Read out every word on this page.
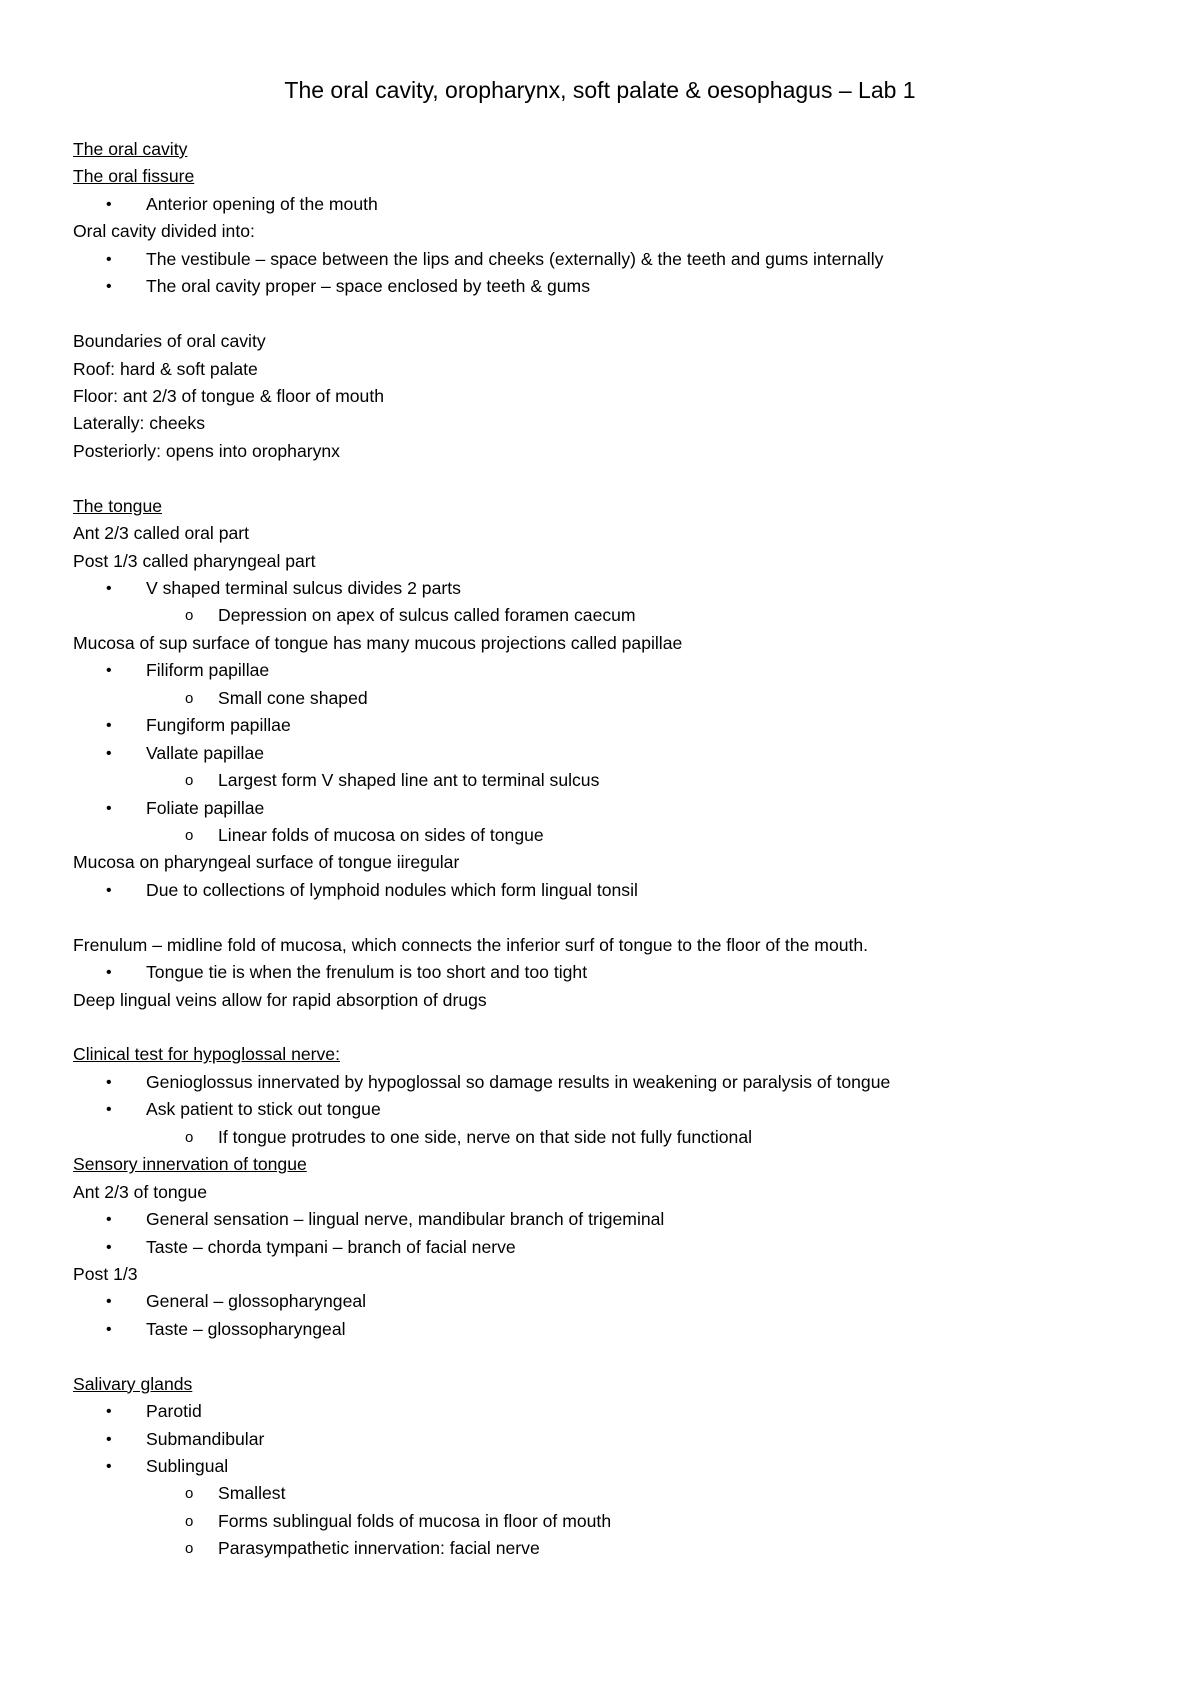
The oral cavity, oropharynx, soft palate & oesophagus – Lab 1
The oral cavity
The oral fissure
• Anterior opening of the mouth
Oral cavity divided into:
• The vestibule – space between the lips and cheeks (externally) & the teeth and gums internally
• The oral cavity proper – space enclosed by teeth & gums
Boundaries of oral cavity
Roof: hard & soft palate
Floor: ant 2/3 of tongue & floor of mouth
Laterally: cheeks
Posteriorly: opens into oropharynx
The tongue
Ant 2/3 called oral part
Post 1/3 called pharyngeal part
• V shaped terminal sulcus divides 2 parts
o Depression on apex of sulcus called foramen caecum
Mucosa of sup surface of tongue has many mucous projections called papillae
• Filiform papillae
o Small cone shaped
• Fungiform papillae
• Vallate papillae
o Largest form V shaped line ant to terminal sulcus
• Foliate papillae
o Linear folds of mucosa on sides of tongue
Mucosa on pharyngeal surface of tongue iiregular
• Due to collections of lymphoid nodules which form lingual tonsil
Frenulum – midline fold of mucosa, which connects the inferior surf of tongue to the floor of the mouth.
• Tongue tie is when the frenulum is too short and too tight
Deep lingual veins allow for rapid absorption of drugs
Clinical test for hypoglossal nerve:
• Genioglossus innervated by hypoglossal so damage results in weakening or paralysis of tongue
• Ask patient to stick out tongue
o If tongue protrudes to one side, nerve on that side not fully functional
Sensory innervation of tongue
Ant 2/3 of tongue
• General sensation – lingual nerve, mandibular branch of trigeminal
• Taste – chorda tympani – branch of facial nerve
Post 1/3
• General – glossopharyngeal
• Taste – glossopharyngeal
Salivary glands
• Parotid
• Submandibular
• Sublingual
o Smallest
o Forms sublingual folds of mucosa in floor of mouth
o Parasympathetic innervation: facial nerve
